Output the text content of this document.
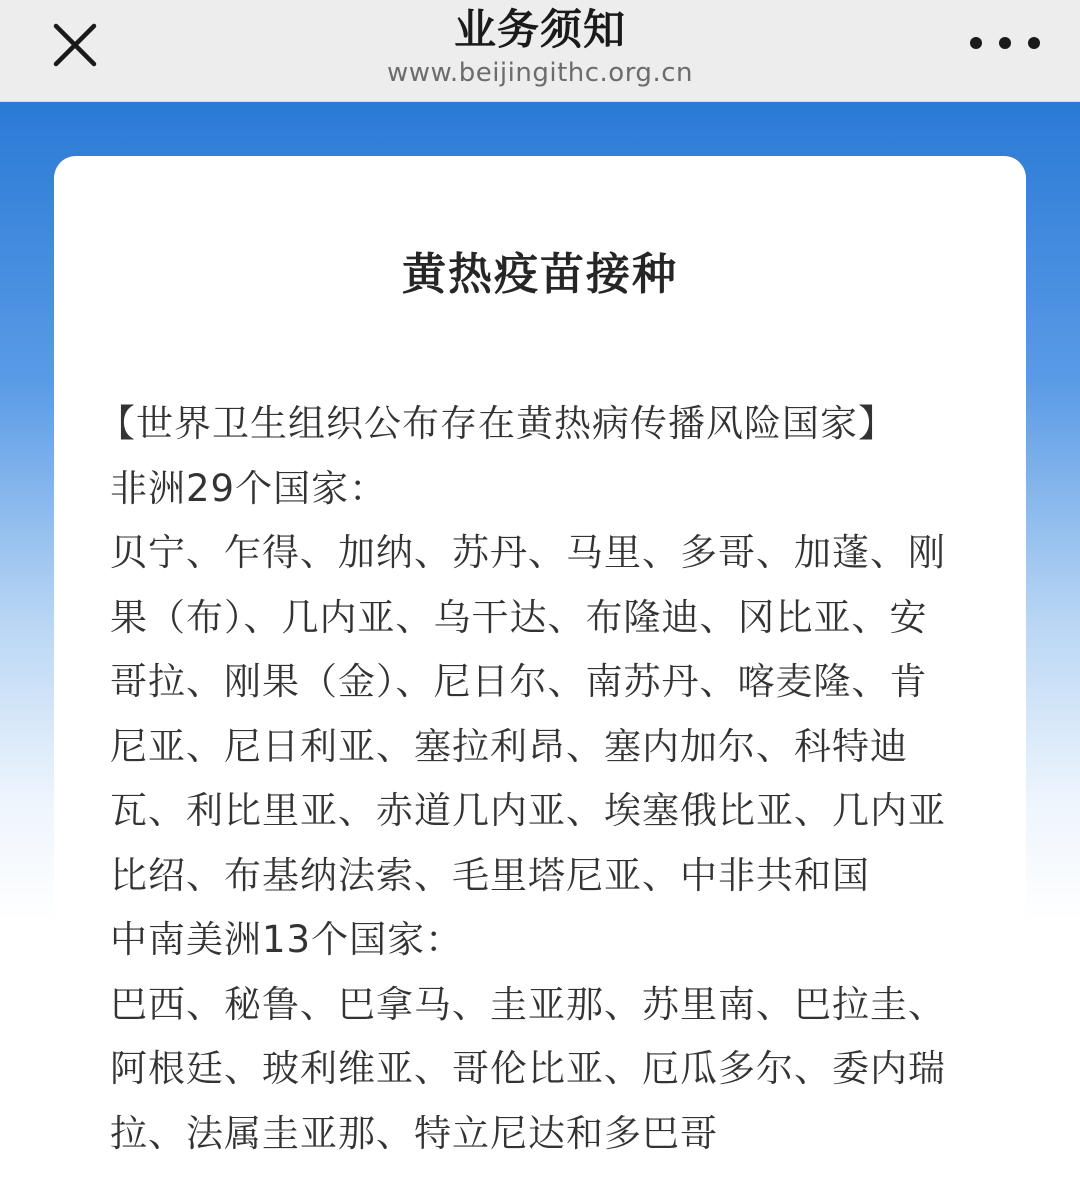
业务须知
www.beijingithc.org.cn
黄热疫苗接种
【世界卫生组织公布存在黄热病传播风险国家】
非洲29个国家：
贝宁、乍得、加纳、苏丹、马里、多哥、加蓬、刚
果（布）、几内亚、乌干达、布隆迪、冈比亚、安
哥拉、刚果（金）、尼日尔、南苏丹、喀麦隆、肯
尼亚、尼日利亚、塞拉利昂、塞内加尔、科特迪
瓦、利比里亚、赤道几内亚、埃塞俄比亚、几内亚
比绍、布基纳法索、毛里塔尼亚、中非共和国
中南美洲13个国家：
巴西、秘鲁、巴拿马、圭亚那、苏里南、巴拉圭、
阿根廷、玻利维亚、哥伦比亚、厄瓜多尔、委内瑞
拉、法属圭亚那、特立尼达和多巴哥
